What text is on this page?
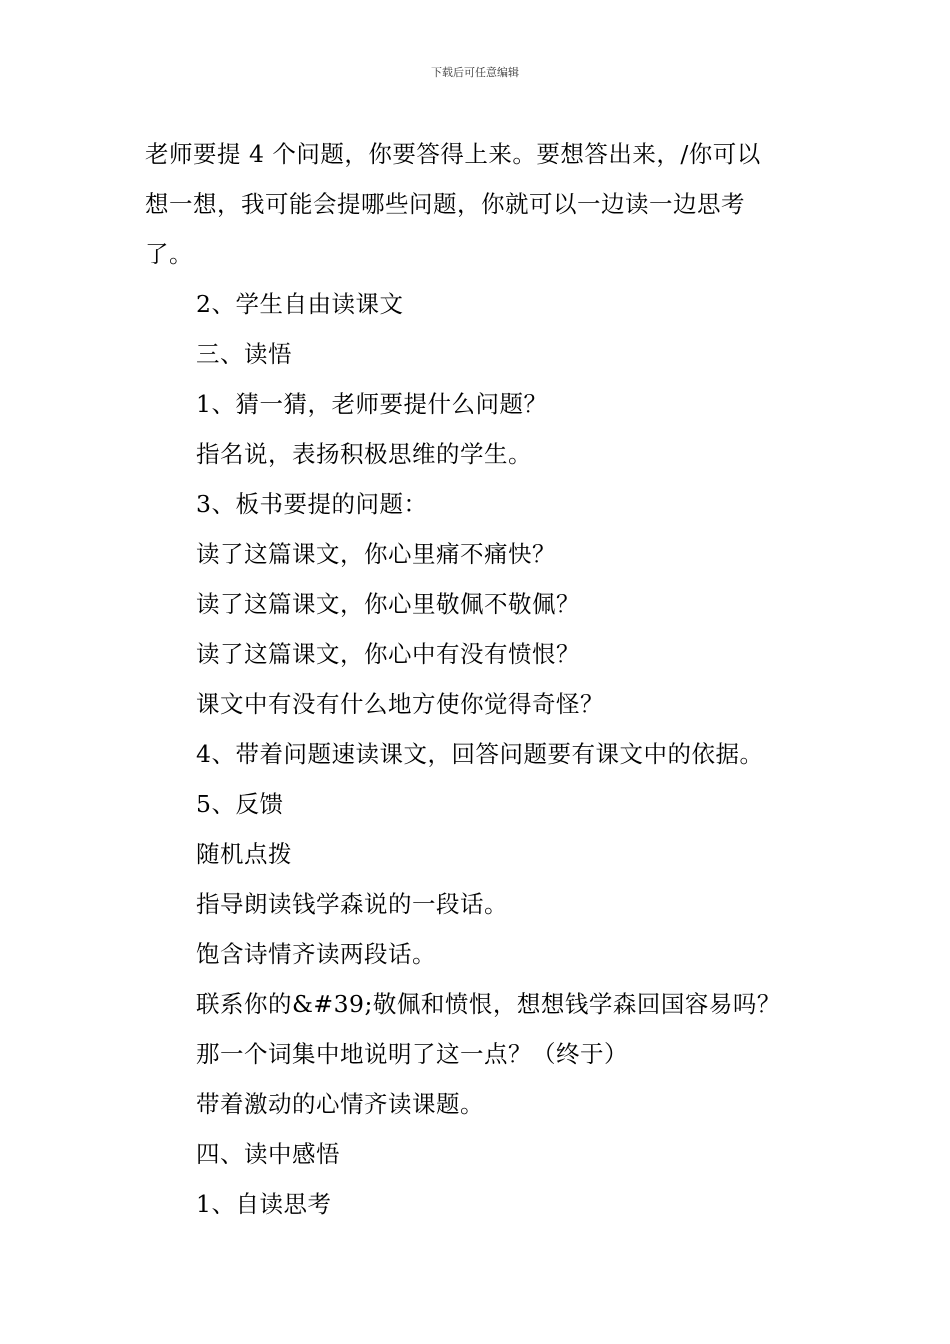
下载后可任意编辑

老师要提 4 个问题，你要答得上来。要想答出来，/你可以

想一想，我可能会提哪些问题，你就可以一边读一边思考

了。

2、学生自由读课文

三、读悟

1、猜一猜，老师要提什么问题？

指名说，表扬积极思维的学生。

3、板书要提的问题：

读了这篇课文，你心里痛不痛快？

读了这篇课文，你心里敬佩不敬佩？

读了这篇课文，你心中有没有愤恨？

课文中有没有什么地方使你觉得奇怪？

4、带着问题速读课文，回答问题要有课文中的依据。

5、反馈

随机点拨

指导朗读钱学森说的一段话。

饱含诗情齐读两段话。

联系你的&#39;敬佩和愤恨，想想钱学森回国容易吗？

那一个词集中地说明了这一点？（终于）

带着激动的心情齐读课题。

四、读中感悟

1、自读思考
